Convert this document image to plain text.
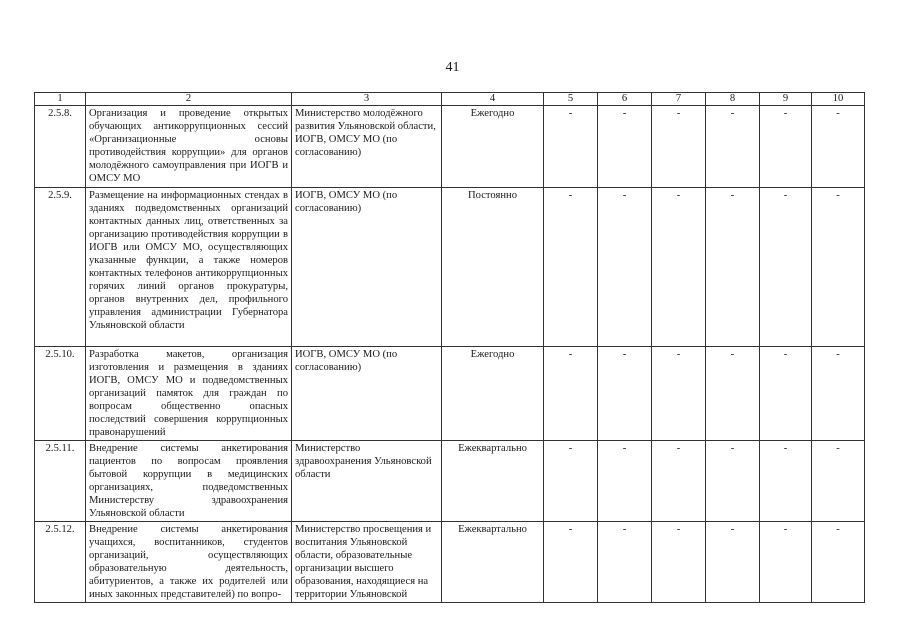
41
1	2	3	4	5	6	7	8	9	10
2.5.8.	Организация и проведение открытых обучающих антикоррупционных сессий «Организационные основы противодействия коррупции» для органов молодёжного самоуправления при ИОГВ и ОМСУ МО	Министерство молодёжного развития Ульяновской области, ИОГВ, ОМСУ МО (по согласованию)	Ежегодно	-	-	-	-	-	-
2.5.9.	Размещение на информационных стендах в зданиях подведомственных организаций контактных данных лиц, ответственных за организацию противодействия коррупции в ИОГВ или ОМСУ МО, осуществляющих указанные функции, а также номеров контактных телефонов антикоррупционных горячих линий органов прокуратуры, органов внутренних дел, профильного управления администрации Губернатора Ульяновской области	ИОГВ, ОМСУ МО (по согласованию)	Постоянно	-	-	-	-	-	-
2.5.10.	Разработка макетов, организация изготовления и размещения в зданиях ИОГВ, ОМСУ МО и подведомственных организаций памяток для граждан по вопросам общественно опасных последствий совершения коррупционных правонарушений	ИОГВ, ОМСУ МО (по согласованию)	Ежегодно	-	-	-	-	-	-
2.5.11.	Внедрение системы анкетирования пациентов по вопросам проявления бытовой коррупции в медицинских организациях, подведомственных Министерству здравоохранения Ульяновской области	Министерство здравоохранения Ульяновской области	Ежеквартально	-	-	-	-	-	-
2.5.12.	Внедрение системы анкетирования учащихся, воспитанников, студентов организаций, осуществляющих образовательную деятельность, абитуриентов, а также их родителей или иных законных представителей) по вопро-	Министерство просвещения и воспитания Ульяновской области, образовательные организации высшего образования, находящиеся на территории Ульяновской	Ежеквартально	-	-	-	-	-	-
